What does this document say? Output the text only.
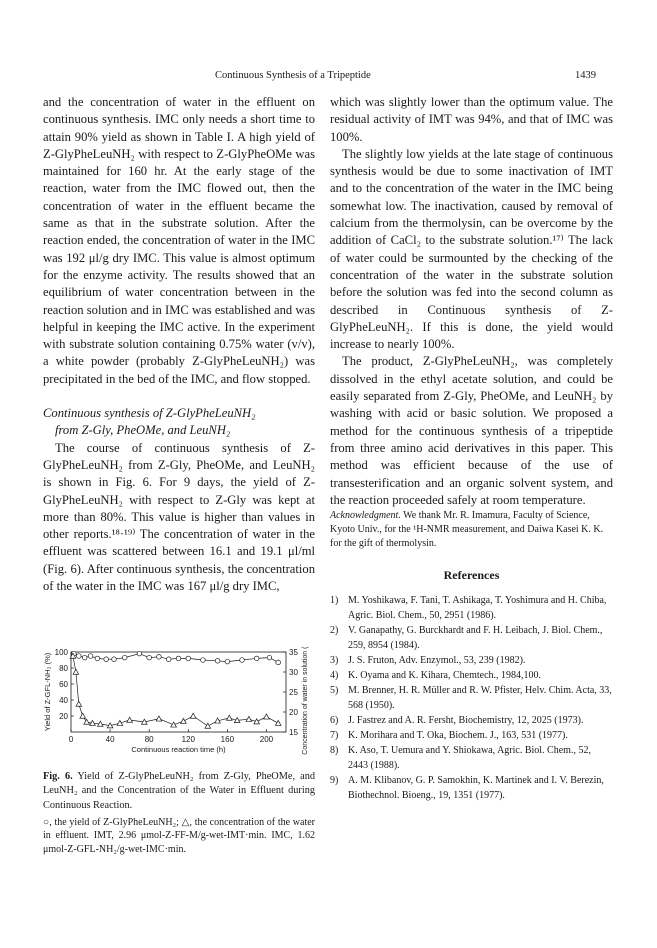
Continuous Synthesis of a Tripeptide	1439

and the concentration of water in the effluent on continuous synthesis. IMC only needs a short time to attain 90% yield as shown in Table I. A high yield of Z-GlyPheLeuNH₂ with respect to Z-GlyPheOMe was maintained for 160 hr. At the early stage of the reaction, water from the IMC flowed out, then the concentration of water in the effluent became the same as that in the substrate solution. After the reaction ended, the concentration of water in the IMC was 192 μl/g dry IMC. This value is almost optimum for the enzyme activity. The results showed that an equilibrium of water concentration between in the reaction solution and in IMC was established and was helpful in keeping the IMC active. In the experiment with substrate solution containing 0.75% water (v/v), a white powder (probably Z-GlyPheLeuNH₂) was precipitated in the bed of the IMC, and flow stopped.

Continuous synthesis of Z-GlyPheLeuNH₂
from Z-Gly, PheOMe, and LeuNH₂

The course of continuous synthesis of Z-GlyPheLeuNH₂ from Z-Gly, PheOMe, and LeuNH₂ is shown in Fig. 6. For 9 days, the yield of Z-GlyPheLeuNH₂ with respect to Z-Gly was kept at more than 80%. This value is higher than values in other reports.¹⁸·¹⁹⁾ The concentration of water in the effluent was scattered between 16.1 and 19.1 μl/ml (Fig. 6). After continuous synthesis, the concentration of the water in the IMC was 167 μl/g dry IMC,

0	40	80	120	160	200
20
40
60
80
100
15
20
25
30
35
Continuous reaction time (h)
Yield of Z-GFL-NH₂ (%)	Concentration of water in solution (μl/ml)

Fig. 6. Yield of Z-GlyPheLeuNH₂ from Z-Gly, PheOMe, and LeuNH₂ and the Concentration of the Water in Effluent during Continuous Reaction.

○, the yield of Z-GlyPheLeuNH₂; △, the concentration of the water in effluent. IMT, 2.96 μmol-Z-FF-M/g-wet-IMT·min. IMC, 1.62 μmol-Z-GFL-NH₂/g-wet-IMC·min.

which was slightly lower than the optimum value. The residual activity of IMT was 94%, and that of IMC was 100%.

The slightly low yields at the late stage of continuous synthesis would be due to some inactivation of IMT and to the concentration of the water in the IMC being somewhat low. The inactivation, caused by removal of calcium from the thermolysin, can be overcome by the addition of CaCl₂ to the substrate solution.¹⁷⁾ The lack of water could be surmounted by the checking of the concentration of the water in the substrate solution before the solution was fed into the second column as described in Continuous synthesis of Z-GlyPheLeuNH₂. If this is done, the yield would increase to nearly 100%.

The product, Z-GlyPheLeuNH₂, was completely dissolved in the ethyl acetate solution, and could be easily separated from Z-Gly, PheOMe, and LeuNH₂ by washing with acid or basic solution. We proposed a method for the continuous synthesis of a tripeptide from three amino acid derivatives in this paper. This method was efficient because of the use of transesterification and an organic solvent system, and the reaction proceeded safely at room temperature.

Acknowledgment. We thank Mr. R. Imamura, Faculty of Science, Kyoto Univ., for the ¹H-NMR measurement, and Daiwa Kasei K. K. for the gift of thermolysin.

References
1) M. Yoshikawa, F. Tani, T. Ashikaga, T. Yoshimura and H. Chiba, Agric. Biol. Chem., 50, 2951 (1986).
2) V. Ganapathy, G. Burckhardt and F. H. Leibach, J. Biol. Chem., 259, 8954 (1984).
3) J. S. Fruton, Adv. Enzymol., 53, 239 (1982).
4) K. Oyama and K. Kihara, Chemtech., 1984,100.
5) M. Brenner, H. R. Müller and R. W. Pfister, Helv. Chim. Acta, 33, 568 (1950).
6) J. Fastrez and A. R. Fersht, Biochemistry, 12, 2025 (1973).
7) K. Morihara and T. Oka, Biochem. J., 163, 531 (1977).
8) K. Aso, T. Uemura and Y. Shiokawa, Agric. Biol. Chem., 52, 2443 (1988).
9) A. M. Klibanov, G. P. Samokhin, K. Martinek and I. V. Berezin, Biothechnol. Bioeng., 19, 1351 (1977).
